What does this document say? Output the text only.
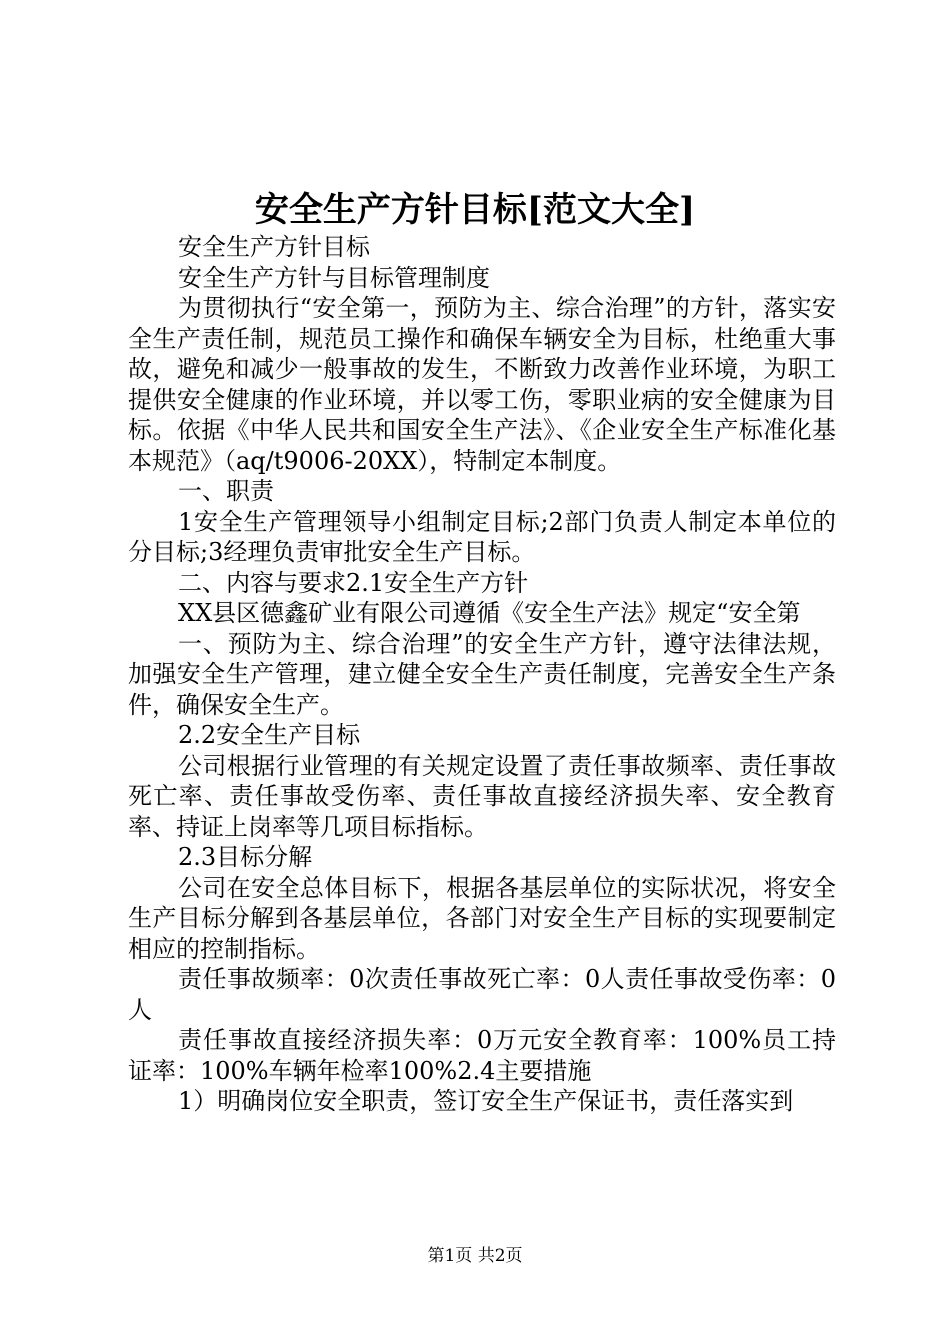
安全生产方针目标[范文大全]

安全生产方针目标

安全生产方针与目标管理制度

为贯彻执行“安全第一，预防为主、综合治理”的方针，落实安全生产责任制，规范员工操作和确保车辆安全为目标，杜绝重大事故，避免和减少一般事故的发生，不断致力改善作业环境，为职工提供安全健康的作业环境，并以零工伤，零职业病的安全健康为目标。依据《中华人民共和国安全生产法》、《企业安全生产标准化基本规范》（aq/t9006-20XX），特制定本制度。

一、职责

1安全生产管理领导小组制定目标;2部门负责人制定本单位的分目标;3经理负责审批安全生产目标。

二、内容与要求2.1安全生产方针

XX县区德鑫矿业有限公司遵循《安全生产法》规定“安全第

一、预防为主、综合治理”的安全生产方针，遵守法律法规，加强安全生产管理，建立健全安全生产责任制度，完善安全生产条件，确保安全生产。

2.2安全生产目标

公司根据行业管理的有关规定设置了责任事故频率、责任事故死亡率、责任事故受伤率、责任事故直接经济损失率、安全教育率、持证上岗率等几项目标指标。

2.3目标分解

公司在安全总体目标下，根据各基层单位的实际状况，将安全生产目标分解到各基层单位，各部门对安全生产目标的实现要制定相应的控制指标。

责任事故频率：0次责任事故死亡率：0人责任事故受伤率：0人

责任事故直接经济损失率：0万元安全教育率：100%员工持证率：100%车辆年检率100%2.4主要措施

1）明确岗位安全职责，签订安全生产保证书，责任落实到

第1页 共2页
